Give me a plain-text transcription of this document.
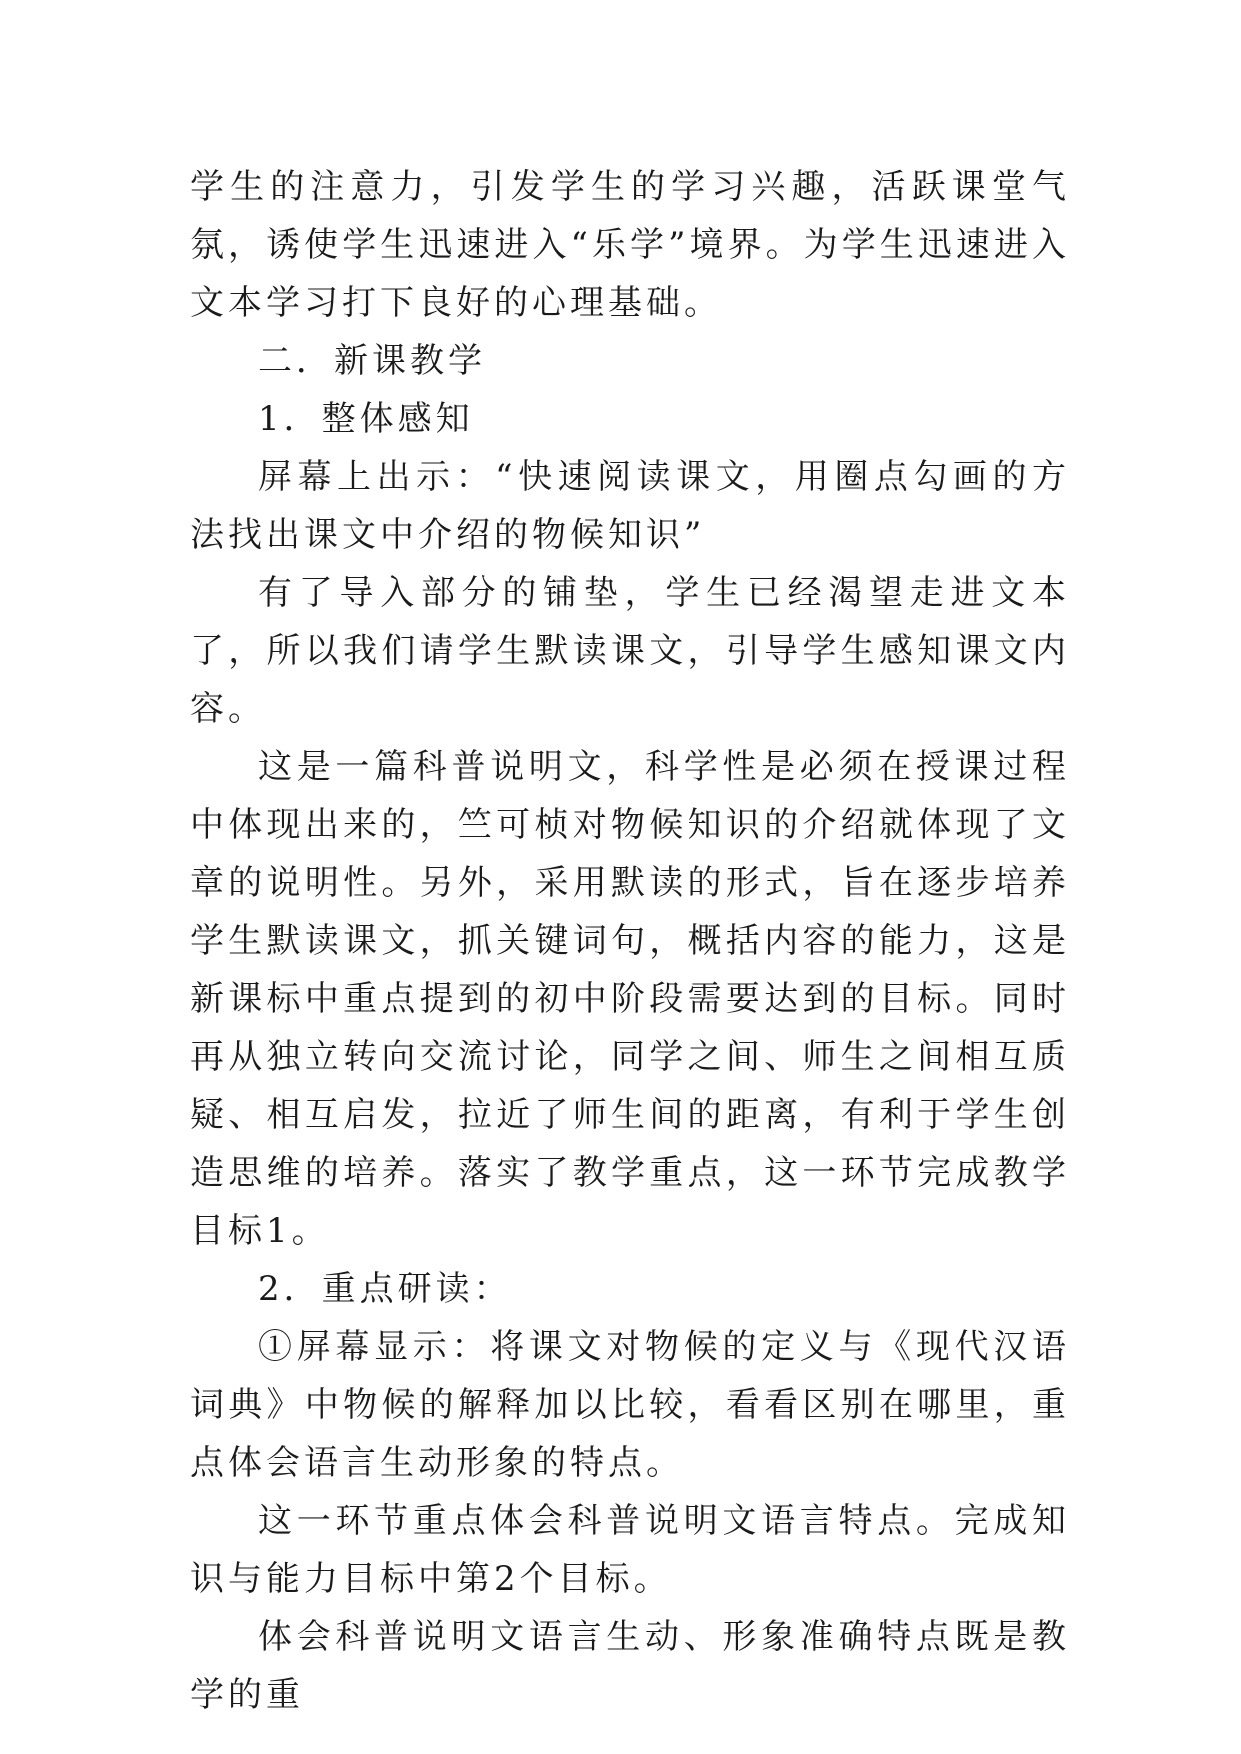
学生的注意力，引发学生的学习兴趣，活跃课堂气氛，诱使学生迅速进入“乐学”境界。为学生迅速进入文本学习打下良好的心理基础。

二．新课教学

1．整体感知

屏幕上出示：“快速阅读课文，用圈点勾画的方法找出课文中介绍的物候知识”

有了导入部分的铺垫，学生已经渴望走进文本了，所以我们请学生默读课文，引导学生感知课文内容。

这是一篇科普说明文，科学性是必须在授课过程中体现出来的，竺可桢对物候知识的介绍就体现了文章的说明性。另外，采用默读的形式，旨在逐步培养学生默读课文，抓关键词句，概括内容的能力，这是新课标中重点提到的初中阶段需要达到的目标。同时再从独立转向交流讨论，同学之间、师生之间相互质疑、相互启发，拉近了师生间的距离，有利于学生创造思维的培养。落实了教学重点，这一环节完成教学目标1。

2．重点研读：

①屏幕显示：将课文对物候的定义与《现代汉语词典》中物候的解释加以比较，看看区别在哪里，重点体会语言生动形象的特点。

这一环节重点体会科普说明文语言特点。完成知识与能力目标中第2个目标。

体会科普说明文语言生动、形象准确特点既是教学的重
